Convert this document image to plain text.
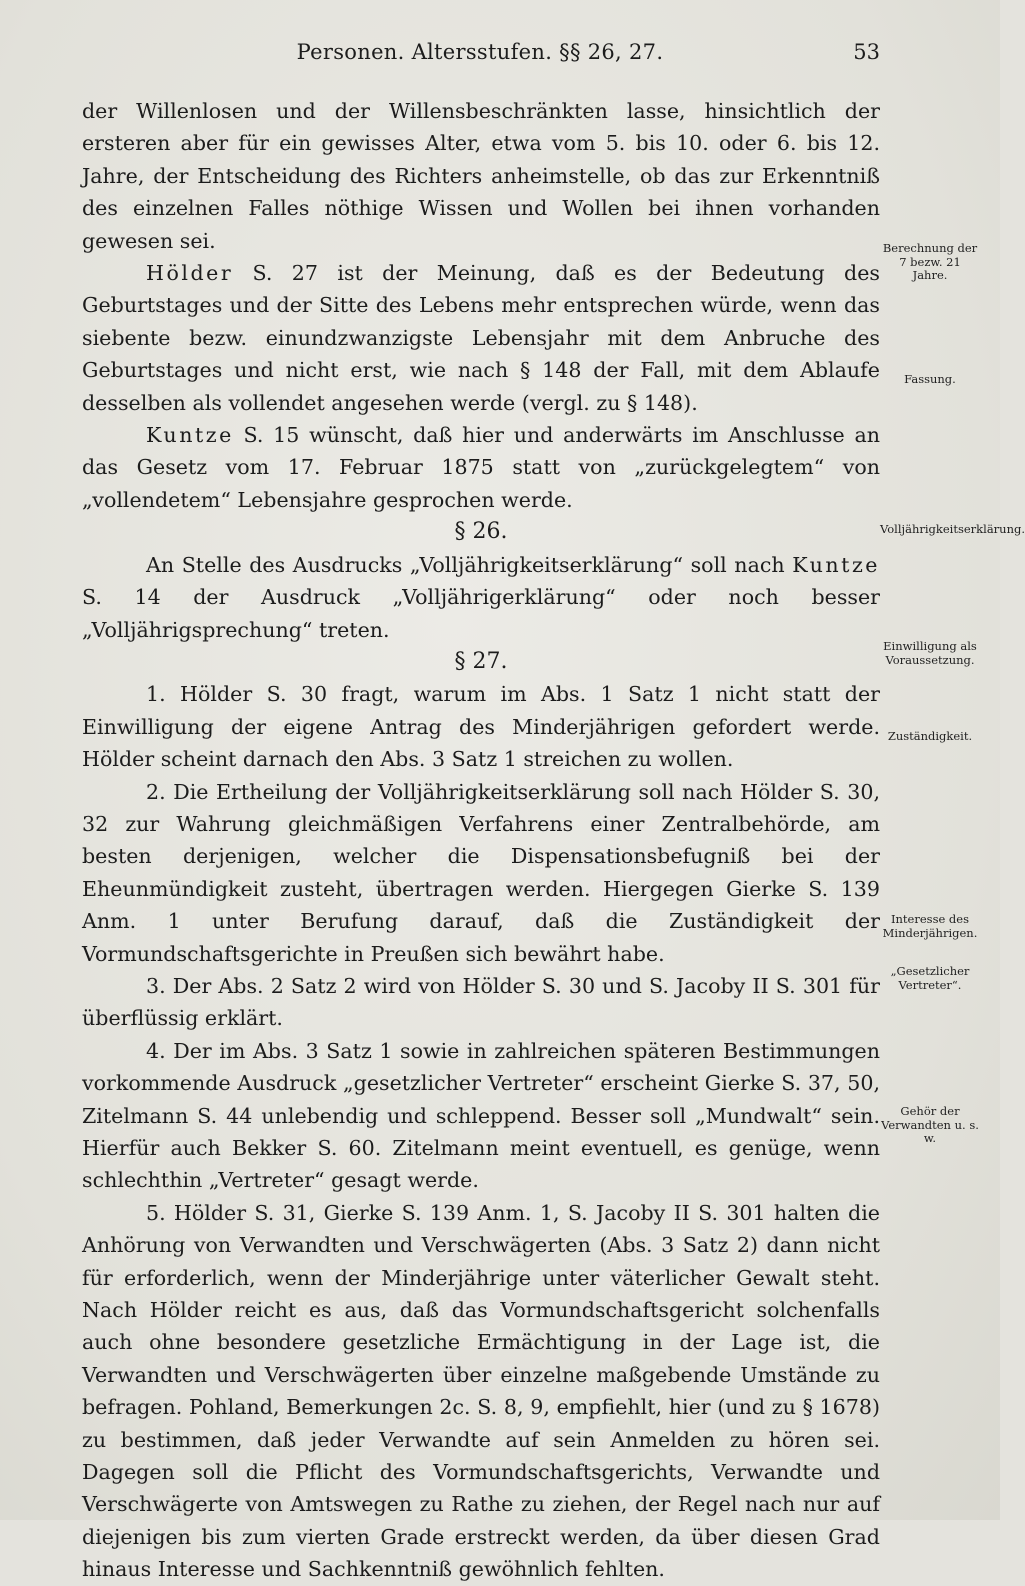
Personen. Altersstufen. §§ 26, 27.	53

der Willenlosen und der Willensbeschränkten lasse, hinsichtlich der ersteren aber für ein gewisses Alter, etwa vom 5. bis 10. oder 6. bis 12. Jahre, der Entscheidung des Richters anheimstelle, ob das zur Erkenntniß des einzelnen Falles nöthige Wissen und Wollen bei ihnen vorhanden gewesen sei.

Hölder S. 27 ist der Meinung, daß es der Bedeutung des Geburtstages und der Sitte des Lebens mehr entsprechen würde, wenn das siebente bezw. einundzwanzigste Lebensjahr mit dem Anbruche des Geburtstages und nicht erst, wie nach § 148 der Fall, mit dem Ablaufe desselben als vollendet angesehen werde (vergl. zu § 148).

Kuntze S. 15 wünscht, daß hier und anderwärts im Anschlusse an das Gesetz vom 17. Februar 1875 statt von „zurückgelegtem“ von „vollendetem“ Lebensjahre gesprochen werde.

§ 26.

An Stelle des Ausdrucks „Volljährigkeitserklärung“ soll nach Kuntze S. 14 der Ausdruck „Volljährigerklärung“ oder noch besser „Volljährigsprechung“ treten.

§ 27.

1. Hölder S. 30 fragt, warum im Abs. 1 Satz 1 nicht statt der Einwilligung der eigene Antrag des Minderjährigen gefordert werde. Hölder scheint darnach den Abs. 3 Satz 1 streichen zu wollen.

2. Die Ertheilung der Volljährigkeitserklärung soll nach Hölder S. 30, 32 zur Wahrung gleichmäßigen Verfahrens einer Zentralbehörde, am besten derjenigen, welcher die Dispensationsbefugniß bei der Eheunmündigkeit zusteht, übertragen werden. Hiergegen Gierke S. 139 Anm. 1 unter Berufung darauf, daß die Zuständigkeit der Vormundschaftsgerichte in Preußen sich bewährt habe.

3. Der Abs. 2 Satz 2 wird von Hölder S. 30 und S. Jacoby II S. 301 für überflüssig erklärt.

4. Der im Abs. 3 Satz 1 sowie in zahlreichen späteren Bestimmungen vorkommende Ausdruck „gesetzlicher Vertreter“ erscheint Gierke S. 37, 50, Zitelmann S. 44 unlebendig und schleppend. Besser soll „Mundwalt“ sein. Hierfür auch Bekker S. 60. Zitelmann meint eventuell, es genüge, wenn schlechthin „Vertreter“ gesagt werde.

5. Hölder S. 31, Gierke S. 139 Anm. 1, S. Jacoby II S. 301 halten die Anhörung von Verwandten und Verschwägerten (Abs. 3 Satz 2) dann nicht für erforderlich, wenn der Minderjährige unter väterlicher Gewalt steht. Nach Hölder reicht es aus, daß das Vormundschaftsgericht solchenfalls auch ohne besondere gesetzliche Ermächtigung in der Lage ist, die Verwandten und Verschwägerten über einzelne maßgebende Umstände zu befragen. Pohland, Bemerkungen 2c. S. 8, 9, empfiehlt, hier (und zu § 1678) zu bestimmen, daß jeder Verwandte auf sein Anmelden zu hören sei. Dagegen soll die Pflicht des Vormundschaftsgerichts, Verwandte und Verschwägerte von Amtswegen zu Rathe zu ziehen, der Regel nach nur auf diejenigen bis zum vierten Grade erstreckt werden, da über diesen Grad hinaus Interesse und Sachkenntniß gewöhnlich fehlten.

Berechnung der 7 bezw. 21 Jahre.
Fassung.
Volljährigkeitserklärung.
Einwilligung als Voraussetzung.
Zuständigkeit.
Interesse des Minderjährigen.
„Gesetzlicher Vertreter“.
Gehör der Verwandten u. s. w.
